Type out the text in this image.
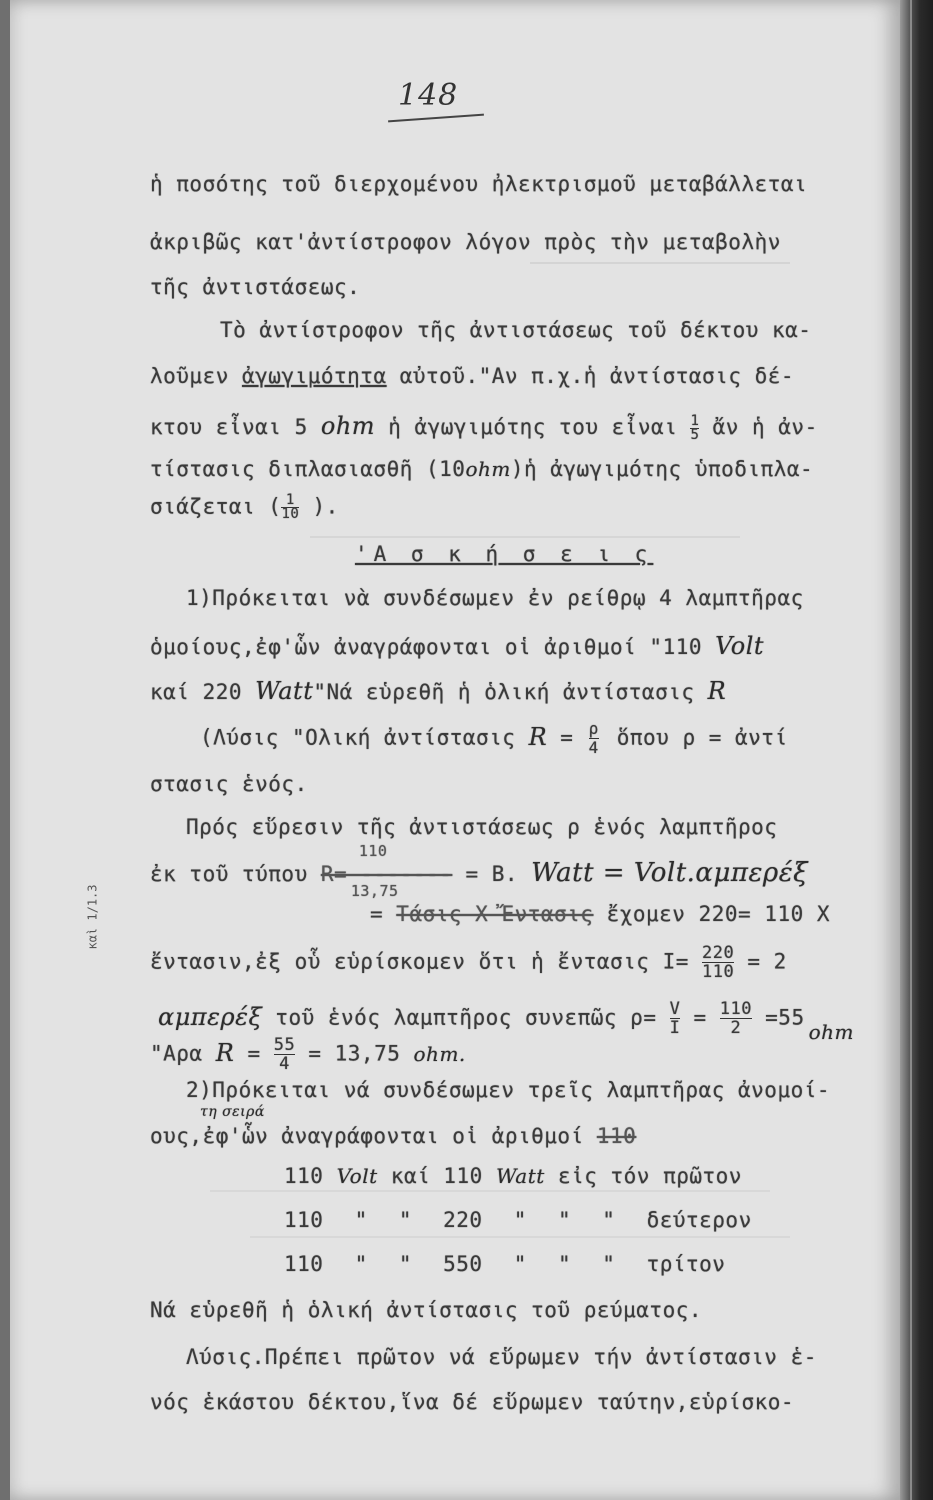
148
ἡ ποσότης τοῦ διερχομένου ἠλεκτρισμοῦ μεταβάλλεται
ἀκριβῶς κατ'ἀντίστροφον λόγον πρὸς τὴν μεταβολὴν
τῆς ἀντιστάσεως.
Τὸ ἀντίστροφον τῆς ἀντιστάσεως τοῦ δέκτου κα-
λοῦμεν ἀγωγιμότητα αὐτοῦ."Αν π.χ.ἡ ἀντίστασις δέ-
κτου εἶναι 5 ohm ἡ ἀγωγιμότης του εἶναι $\frac{1}{5}$ ἄν ἡ ἀν-
τίστασις διπλασιασθῆ (10ohm)ἡ ἀγωγιμότης ὑποδιπλα-
σιάζεται ( $\frac{1}{10}$ ).
'Α σ κ ή σ ε ι ς
1)Πρόκειται νὰ συνδέσωμεν ἐν ρείθρῳ 4 λαμπτῆρας
ὁμοίους,ἐφ'ὧν ἀναγράφονται οἱ ἀριθμοί "110 Volt
καί 220 Watt"Νά εὑρεθῆ ἡ ὁλική ἀντίστασις R
(Λύσις "Ολική ἀντίστασις $R = \frac{\rho}{4}$ ὅπου ρ = ἀντί
στασις ἑνός.
Πρός εὕρεσιν τῆς ἀντιστάσεως ρ ἑνός λαμπτῆρος
ἐκ τοῦ τύπου
110
R= -------
13,75
= Β. Watt = Volt.αμπερέξ
= Τάσις Χ Ἔντασις ἔχομεν 220= 110 Χ
ἔντασιν,ἐξ οὗ εὑρίσκομεν ὅτι ἡ ἔντασις $I= \frac{220}{110} = 2$
αμπερέξ τοῦ ἑνός λαμπτῆρος συνεπῶς $\rho= \frac{V}{I} = \frac{110}{2} =55ohm$
"Αρα $R = \frac{55}{4} = 13,75$ ohm.
2)Πρόκειται νά συνδέσωμεν τρεῖς λαμπτῆρας ἀνομοί-
τη σειρά
ους,ἐφ'ὧν ἀναγράφονται οἱ ἀριθμοί 110
110 Volt καί 110 Watt εἰς τόν πρῶτον
110 " " 220 " " " δεύτερον
110 " " 550 " " " τρίτον
Νά εὑρεθῆ ἡ ὁλική ἀντίστασις τοῦ ρεύματος.
Λύσις.Πρέπει πρῶτον νά εὕρωμεν τήν ἀντίστασιν ἑ-
νός ἑκάστου δέκτου,ἵνα δέ εὕρωμεν ταύτην,εὑρίσκο-
καὶ 1/1.3
